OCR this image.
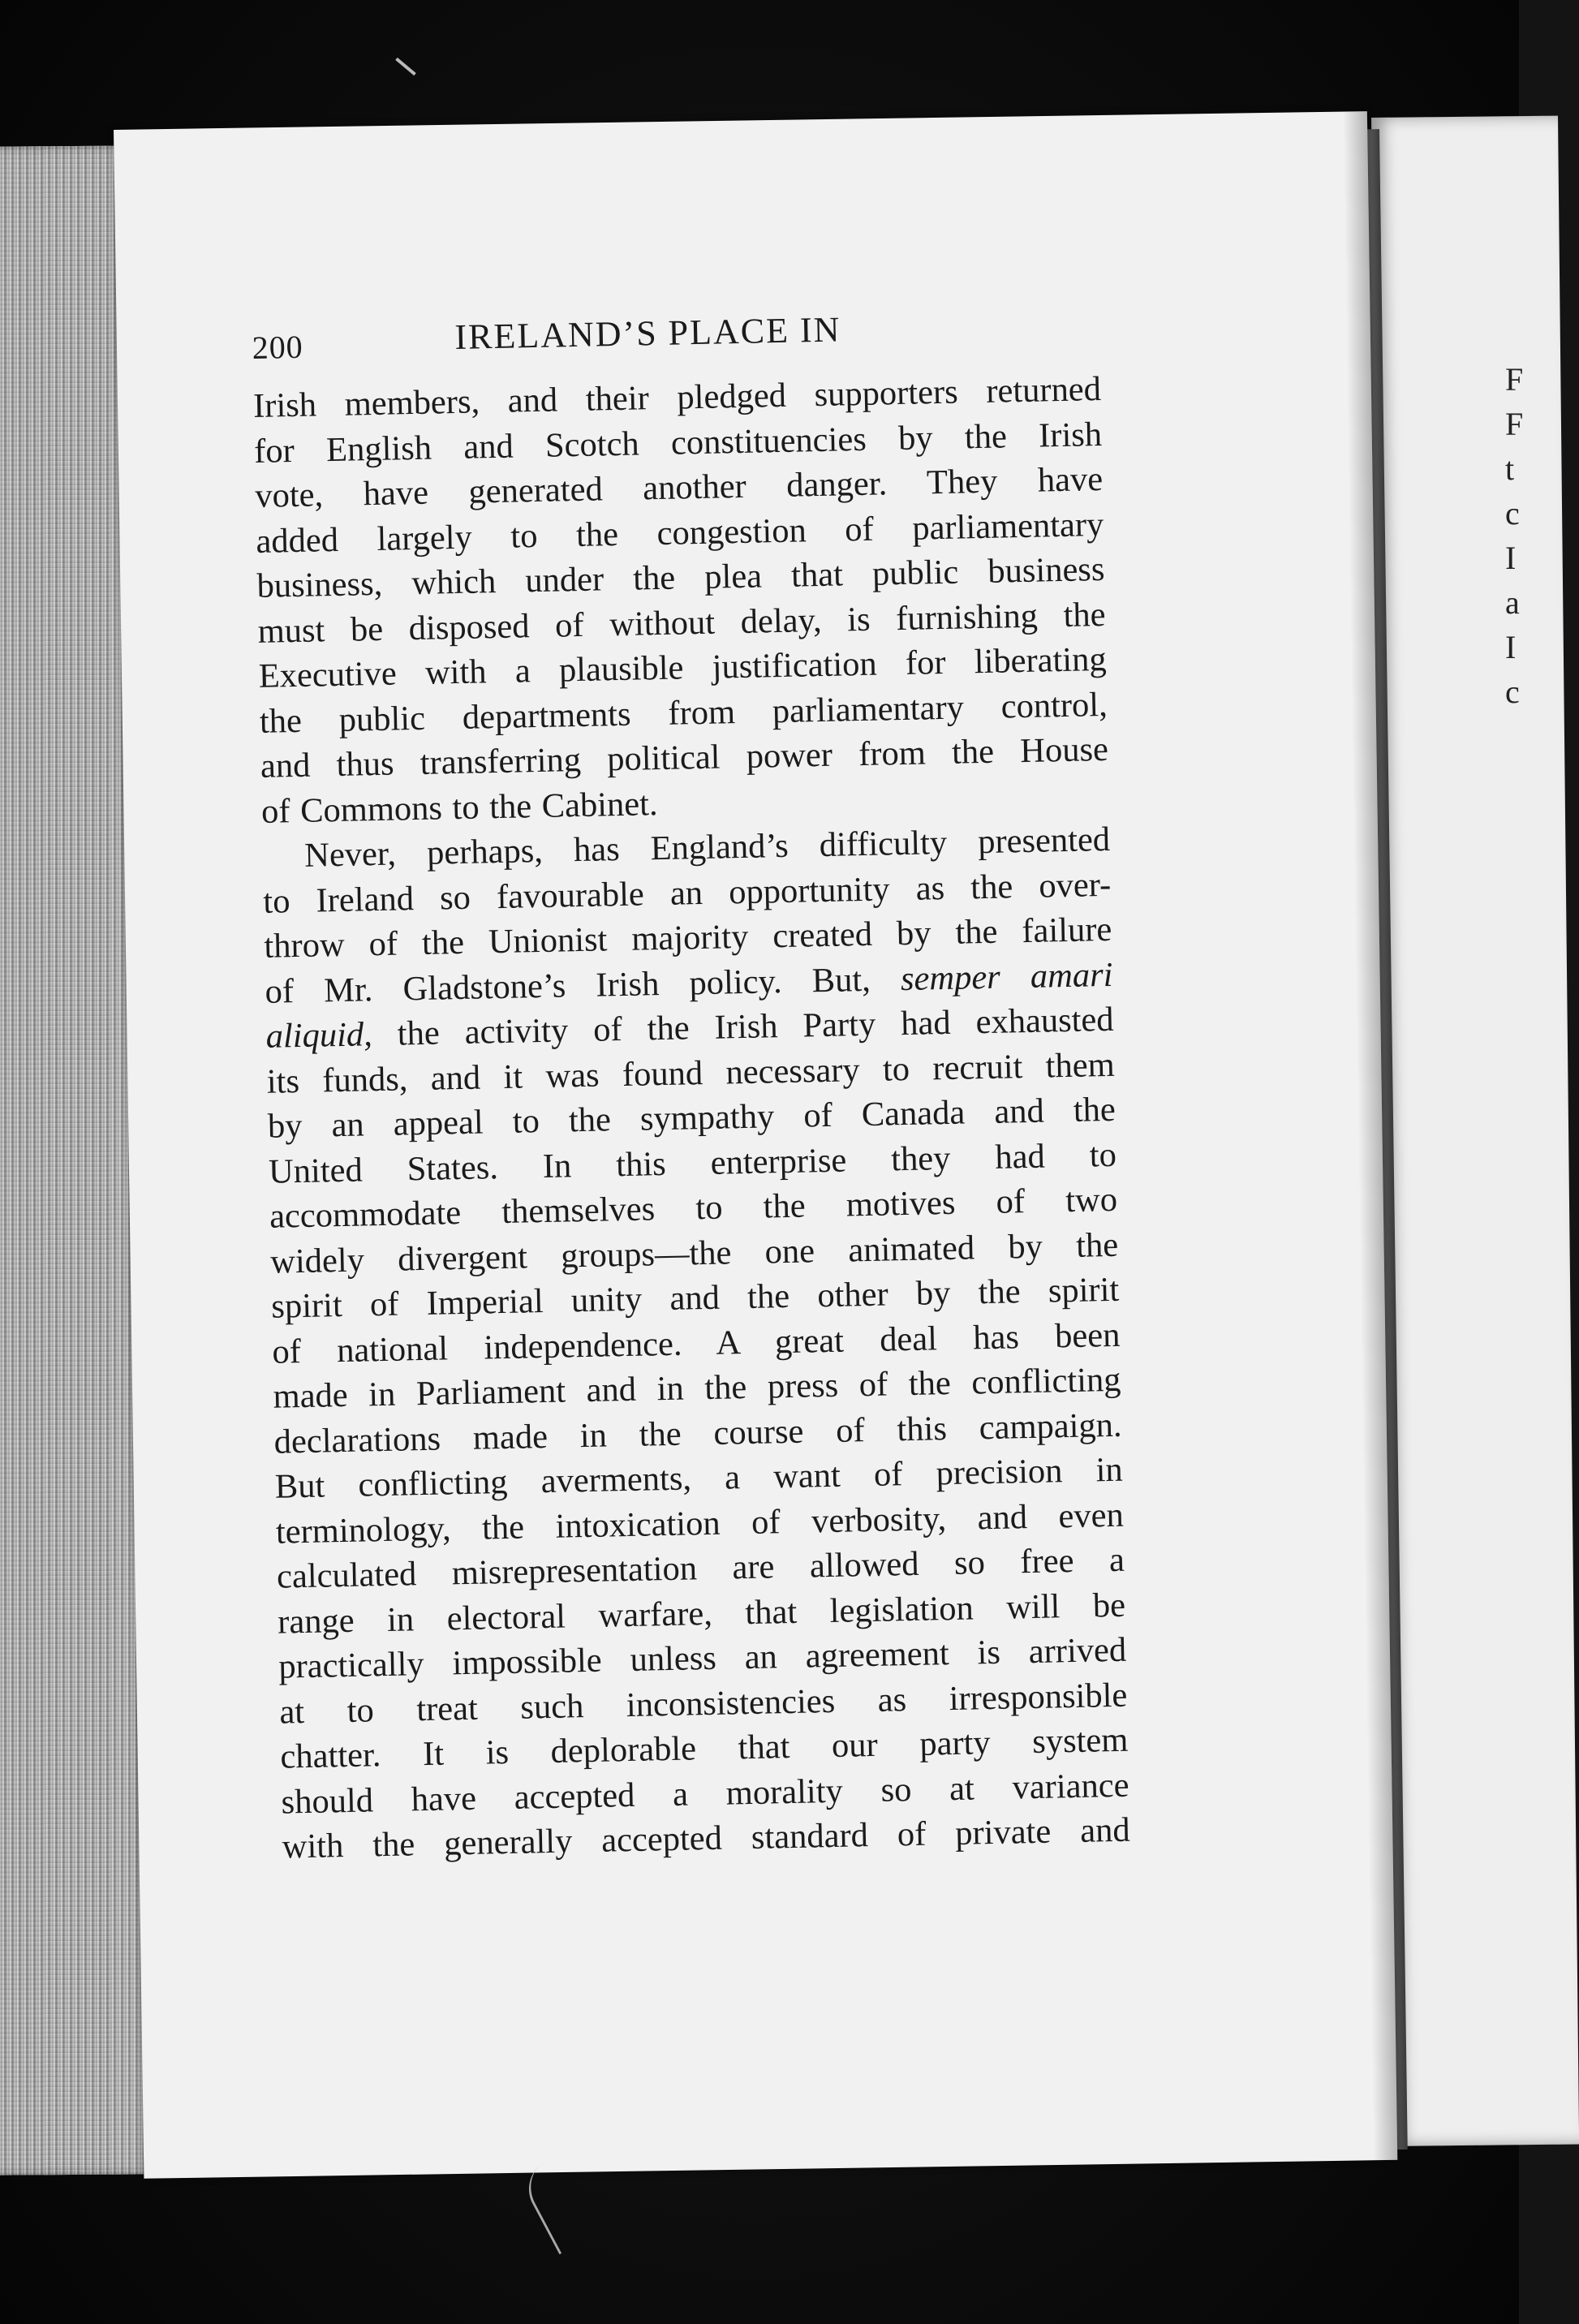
F
F
t
c
I
a
I
c
200	IRELAND’S PLACE IN
Irish members, and their pledged supporters returned
for English and Scotch constituencies by the Irish
vote, have generated another danger. They have
added largely to the congestion of parliamentary
business, which under the plea that public business
must be disposed of without delay, is furnishing the
Executive with a plausible justification for liberating
the public departments from parliamentary control,
and thus transferring political power from the House
of Commons to the Cabinet.
Never, perhaps, has England’s difficulty presented
to Ireland so favourable an opportunity as the over-
throw of the Unionist majority created by the failure
of Mr. Gladstone’s Irish policy. But, semper amari
aliquid, the activity of the Irish Party had exhausted
its funds, and it was found necessary to recruit them
by an appeal to the sympathy of Canada and the
United States. In this enterprise they had to
accommodate themselves to the motives of two
widely divergent groups—the one animated by the
spirit of Imperial unity and the other by the spirit
of national independence. A great deal has been
made in Parliament and in the press of the conflicting
declarations made in the course of this campaign.
But conflicting averments, a want of precision in
terminology, the intoxication of verbosity, and even
calculated misrepresentation are allowed so free a
range in electoral warfare, that legislation will be
practically impossible unless an agreement is arrived
at to treat such inconsistencies as irresponsible
chatter. It is deplorable that our party system
should have accepted a morality so at variance
with the generally accepted standard of private and
